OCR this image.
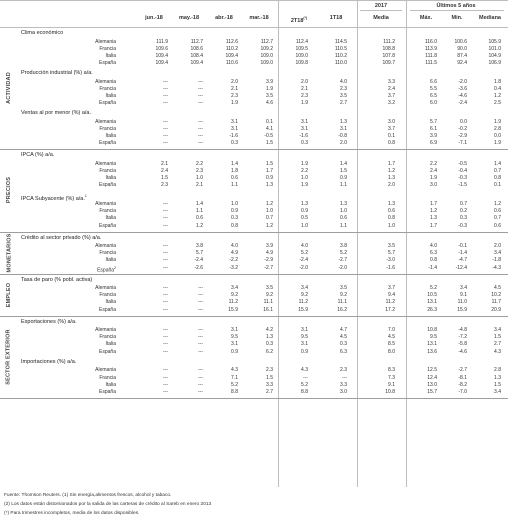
2017	Últimos 5 años
jun.-18	may.-18	abr.-18	mar.-18	2T18(*)	1T18	Media	Máx.	Mín.	Mediana
Clima económico
Alemania	111.9	112.7	112.6	112.7	112.4	114.5	111.2	116.0	100.6	105.9
Francia	109.6	108.6	110.2	109.2	109.5	110.5	108.8	113.9	90.0	101.0
Italia	109.4	108.4	109.4	109.0	109.0	110.2	107.8	111.8	87.4	104.9
España	109.4	109.4	110.6	109.0	109.8	110.0	109.7	111.5	92.4	106.9
Producción industrial (%) a/a.
Alemania	---	---	2.0	3.9	2.0	4.0	3.3	6.6	-2.0	1.8
Francia	---	---	2.1	1.9	2.1	2.3	2.4	5.5	-3.6	0.4
Italia	---	---	2.3	3.5	2.3	3.5	3.7	6.5	-4.6	1.2
España	---	---	1.9	4.6	1.9	2.7	3.2	6.0	-2.4	2.5
Ventas al por menor (%) a/a.
Alemania	---	---	3.1	0.1	3.1	1.3	3.0	5.7	0.0	1.9
Francia	---	---	3.1	4.1	3.1	3.1	3.7	6.1	-0.2	2.8
Italia	---	---	-1.6	-0.5	-1.6	-0.8	0.1	3.9	-2.9	0.0
España	---	---	0.3	1.5	0.3	2.0	0.8	6.9	-7.1	1.9
ACTIVIDAD
IPCA (%) a/a.
Alemania	2.1	2.2	1.4	1.5	1.9	1.4	1.7	2.2	-0.5	1.4
Francia	2.4	2.3	1.8	1.7	2.2	1.5	1.2	2.4	-0.4	0.7
Italia	1.5	1.0	0.6	0.9	1.0	0.9	1.3	1.9	-0.3	0.8
España	2.3	2.1	1.1	1.3	1.9	1.1	2.0	3.0	-1.5	0.1
IPCA Subyacente (%) a/a.$^1$
Alemania	---	1.4	1.0	1.2	1.3	1.3	1.3	1.7	0.7	1.2
Francia	---	1.1	0.9	1.0	0.9	1.0	0.6	1.2	0.2	0.6
Italia	---	0.6	0.3	0.7	0.5	0.6	0.8	1.3	0.3	0.7
España	---	1.2	0.8	1.2	1.0	1.1	1.0	1.7	-0.3	0.6
PRECIOS
Crédito al sector privado (%) a/a.
Alemania	---	3.8	4.0	3.9	4.0	3.8	3.5	4.0	-0.1	2.0
Francia	---	5.7	4.9	4.9	5.2	5.2	5.7	6.3	-1.4	3.4
Italia	---	-2.4	-2.2	-2.9	-2.4	-2.7	-3.0	0.8	-4.7	-1.8
España$^2$	---	-2.6	-3.2	-2.7	-2.0	-2.0	-1.6	-1.4	-12.4	-4.3
MONETARIOS
Tasa de paro (% pobl. activa)
Alemania	---	---	3.4	3.5	3.4	3.5	3.7	5.2	3.4	4.5
Francia	---	---	9.2	9.2	9.2	9.2	9.4	10.5	9.1	10.2
Italia	---	---	11.2	11.1	11.2	11.1	11.2	13.1	11.0	11.7
España	---	---	15.9	16.1	15.9	16.2	17.2	26.3	15.9	20.9
EMPLEO
Exportaciones (%) a/a.
Alemania	---	---	3.1	4.2	3.1	4.7	7.0	10.8	-4.8	3.4
Francia	---	---	9.5	1.3	9.5	4.5	4.5	9.5	-7.2	1.5
Italia	---	---	3.1	0.3	3.1	0.3	8.5	13.1	-5.8	2.7
España	---	---	0.9	6.2	0.9	6.3	8.0	13.6	-4.6	4.3
Importaciones (%) a/a.
Alemania	---	---	4.3	2.3	4.3	2.3	8.3	12.5	-2.7	2.8
Francia	---	---	7.1	1.5	---	---	7.3	12.4	-8.1	1.3
Italia	---	---	5.2	3.3	5.2	3.3	9.1	13.0	-8.2	1.5
España	---	---	8.8	2.7	8.8	3.0	10.8	15.7	-7.0	3.4
SECTOR EXTERIOR
Fuente: Thomson Reuters. (1) Sin energía,alimentos frescos, alcohol y tabaco.
(2) Los datos están distorsionados por la salida de las carteras de crédito al Sareb en enero 2013
(*) Para trimestres incompletos, media de los datos disponibles.
